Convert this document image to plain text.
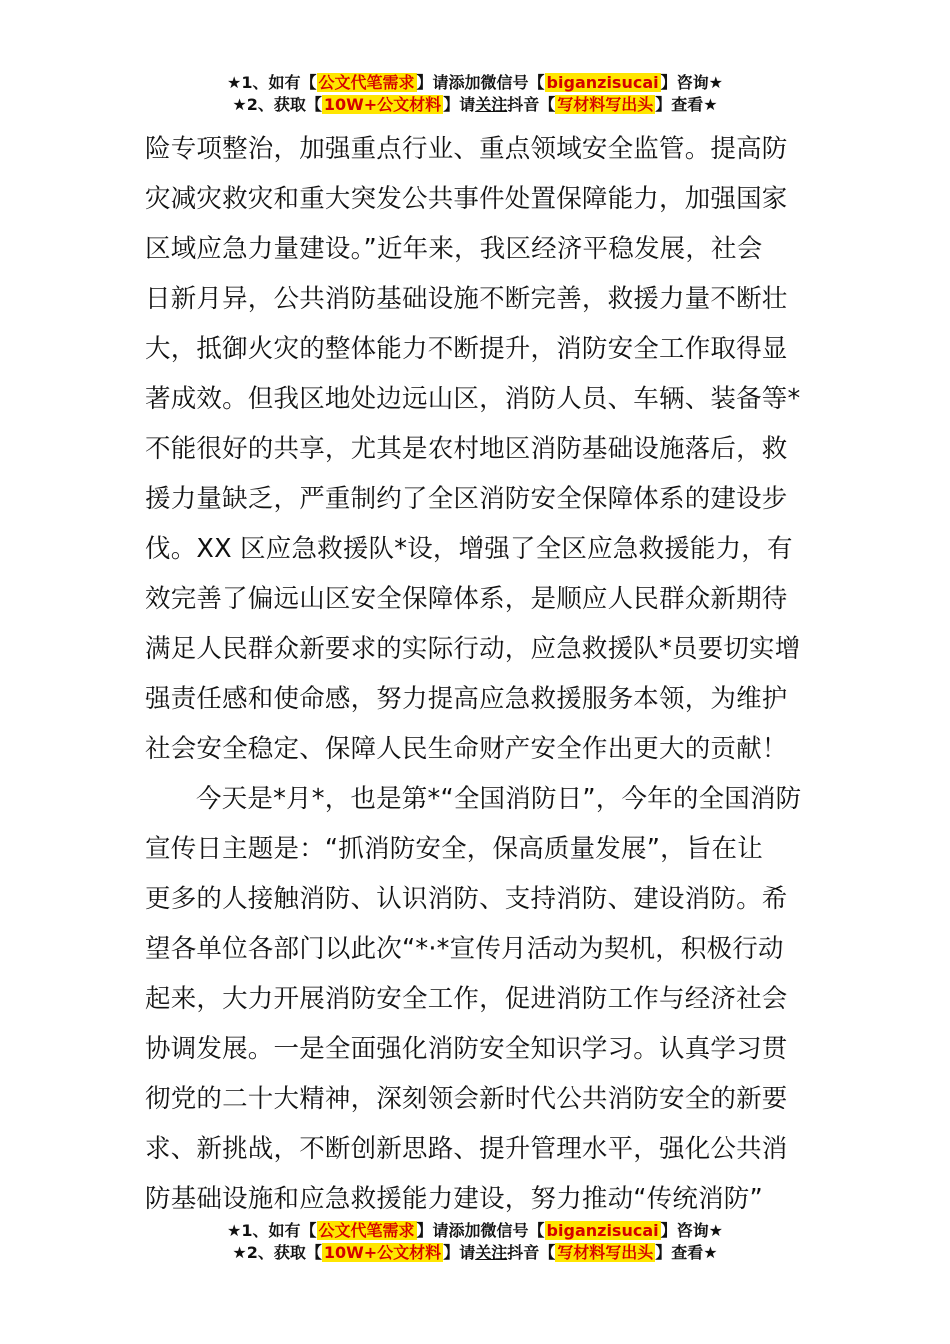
★1、如有【 公文代笔需求 】请添加微信号【 biganzisucai 】咨询★
★2、获取【 10W+公文材料 】请关注抖音【 写材料写出头 】查看★
险专项整治，加强重点行业、重点领域安全监管。提高防
灾减灾救灾和重大突发公共事件处置保障能力，加强国家
区域应急力量建设。”近年来，我区经济平稳发展，社会
日新月异，公共消防基础设施不断完善，救援力量不断壮
大，抵御火灾的整体能力不断提升，消防安全工作取得显
著成效。但我区地处边远山区，消防人员、车辆、装备等*
不能很好的共享，尤其是农村地区消防基础设施落后，救
援力量缺乏，严重制约了全区消防安全保障体系的建设步
伐。XX 区应急救援队*设，增强了全区应急救援能力，有
效完善了偏远山区安全保障体系，是顺应人民群众新期待
满足人民群众新要求的实际行动，应急救援队*员要切实增
强责任感和使命感，努力提高应急救援服务本领，为维护
社会安全稳定、保障人民生命财产安全作出更大的贡献！
今天是*月*，也是第*“全国消防日”，今年的全国消防
宣传日主题是：“抓消防安全，保高质量发展”，旨在让
更多的人接触消防、认识消防、支持消防、建设消防。希
望各单位各部门以此次“*·*宣传月活动为契机，积极行动
起来，大力开展消防安全工作，促进消防工作与经济社会
协调发展。一是全面强化消防安全知识学习。认真学习贯
彻党的二十大精神，深刻领会新时代公共消防安全的新要
求、新挑战，不断创新思路、提升管理水平，强化公共消
防基础设施和应急救援能力建设，努力推动“传统消防”
★1、如有【 公文代笔需求 】请添加微信号【 biganzisucai 】咨询★
★2、获取【 10W+公文材料 】请关注抖音【 写材料写出头 】查看★
